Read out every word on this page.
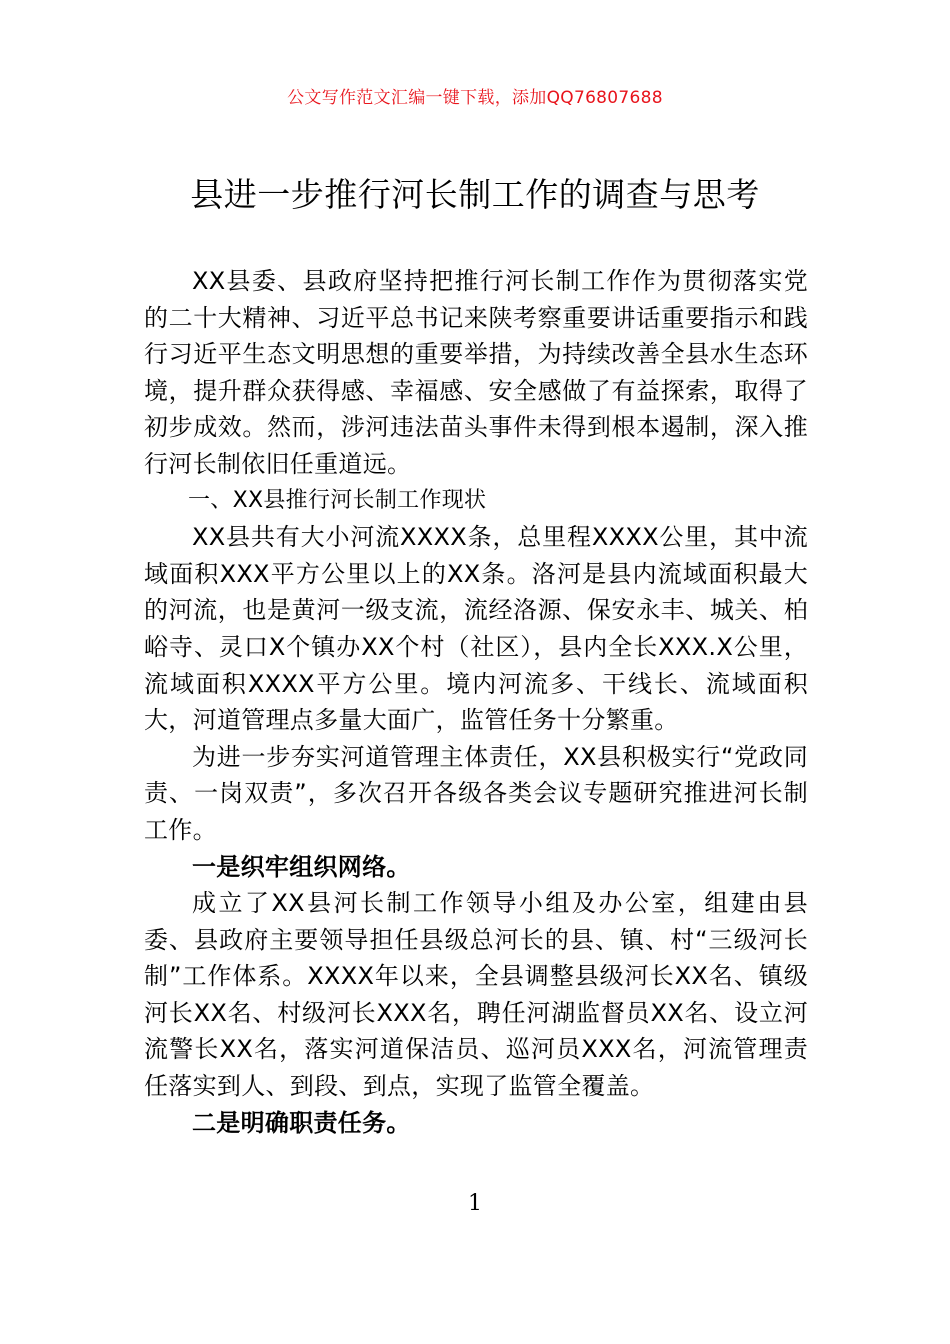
公文写作范文汇编一键下载，添加QQ76807688
县进一步推行河长制工作的调查与思考

XX县委、县政府坚持把推行河长制工作作为贯彻落实党的二十大精神、习近平总书记来陕考察重要讲话重要指示和践行习近平生态文明思想的重要举措，为持续改善全县水生态环境，提升群众获得感、幸福感、安全感做了有益探索，取得了初步成效。然而，涉河违法苗头事件未得到根本遏制，深入推行河长制依旧任重道远。

一、XX县推行河长制工作现状

XX县共有大小河流XXXX条，总里程XXXX公里，其中流域面积XXX平方公里以上的XX条。洛河是县内流域面积最大的河流，也是黄河一级支流，流经洛源、保安永丰、城关、柏峪寺、灵口X个镇办XX个村（社区），县内全长XXX.X公里，流域面积XXXX平方公里。境内河流多、干线长、流域面积大，河道管理点多量大面广，监管任务十分繁重。

为进一步夯实河道管理主体责任，XX县积极实行“党政同责、一岗双责”，多次召开各级各类会议专题研究推进河长制工作。

一是织牢组织网络。

成立了XX县河长制工作领导小组及办公室，组建由县委、县政府主要领导担任县级总河长的县、镇、村“三级河长制”工作体系。XXXX年以来，全县调整县级河长XX名、镇级河长XX名、村级河长XXX名，聘任河湖监督员XX名、设立河流警长XX名，落实河道保洁员、巡河员XXX名，河流管理责任落实到人、到段、到点，实现了监管全覆盖。

二是明确职责任务。

1
